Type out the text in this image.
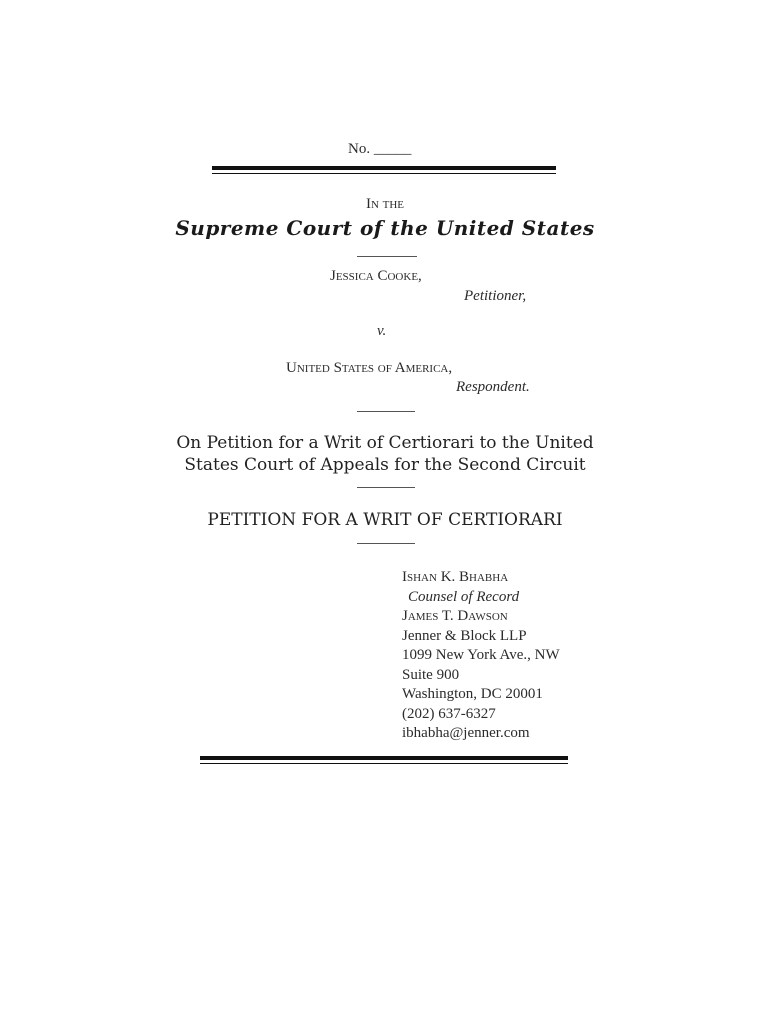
No. _____
In the
Supreme Court of the United States
Jessica Cooke,
Petitioner,
v.
United States of America,
Respondent.
On Petition for a Writ of Certiorari to the United
States Court of Appeals for the Second Circuit
PETITION FOR A WRIT OF CERTIORARI
Ishan K. Bhabha
Counsel of Record
James T. Dawson
Jenner & Block LLP
1099 New York Ave., NW
Suite 900
Washington, DC 20001
(202) 637-6327
ibhabha@jenner.com
